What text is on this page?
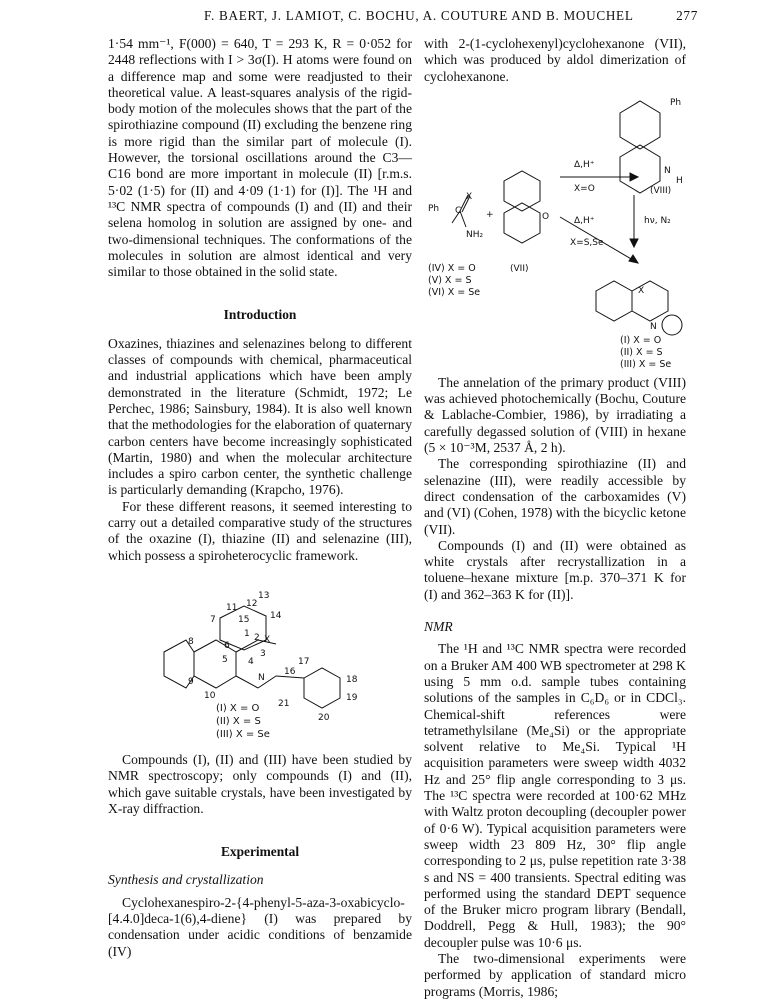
F. BAERT, J. LAMIOT, C. BOCHU, A. COUTURE AND B. MOUCHEL	277

1·54 mm⁻¹, F(000) = 640, T = 293 K, R = 0·052 for 2448 reflections with I > 3σ(I). H atoms were found on a difference map and some were readjusted to their theoretical value. A least-squares analysis of the rigid-body motion of the molecules shows that the part of the spirothiazine compound (II) excluding the benzene ring is more rigid than the similar part of molecule (I). However, the torsional oscillations around the C3—C16 bond are more important in molecule (II) [r.m.s. 5·02 (1·5) for (II) and 4·09 (1·1) for (I)]. The ¹H and ¹³C NMR spectra of compounds (I) and (II) and their selena homolog in solution are assigned by one- and two-dimensional techniques. The conformations of the molecules in solution are almost identical and very similar to those obtained in the solid state.

Introduction

Oxazines, thiazines and selenazines belong to different classes of compounds with chemical, pharmaceutical and industrial applications which have been amply demonstrated in the literature (Schmidt, 1972; Le Perchec, 1986; Sainsbury, 1984). It is also well known that the methodologies for the elaboration of quaternary carbon centers have become increasingly sophisticated (Martin, 1980) and when the molecular architecture includes a spiro carbon center, the synthetic challenge is particularly demanding (Krapcho, 1976).

For these different reasons, it seemed interesting to carry out a detailed comparative study of the structures of the oxazine (I), thiazine (II) and selenazine (III), which possess a spiroheterocyclic framework.

13
11 12
14
15
7
1 2 X
6
8
5 4
3
16
17
9
10
N	18
21
19
20
(I) X = O
(II) X = S
(III) X = Se

Compounds (I), (II) and (III) have been studied by NMR spectroscopy; only compounds (I) and (II), which gave suitable crystals, have been investigated by X-ray diffraction.

Experimental
Synthesis and crystallization

Cyclohexanespiro-2-{4-phenyl-5-aza-3-oxabicyclo-[4.4.0]deca-1(6),4-diene} (I) was prepared by condensation under acidic conditions of benzamide (IV)

with 2-(1-cyclohexenyl)cyclohexanone (VII), which was produced by aldol dimerization of cyclohexanone.

Ph
X
C
NH₂
+	O
Δ,H⁺
X=O
Δ,H⁺
X=S,Se
hν, N₂
(VIII)
N
H
Ph
(IV) X = O
(V) X = S
(VI) X = Se
(VII)
X
N
(I) X = O
(II) X = S
(III) X = Se

The annelation of the primary product (VIII) was achieved photochemically (Bochu, Couture & Lablache-Combier, 1986), by irradiating a carefully degassed solution of (VIII) in hexane (5 × 10⁻³M, 2537 Å, 2 h).

The corresponding spirothiazine (II) and selenazine (III), were readily accessible by direct condensation of the carboxamides (V) and (VI) (Cohen, 1978) with the bicyclic ketone (VII).

Compounds (I) and (II) were obtained as white crystals after recrystallization in a toluene–hexane mixture [m.p. 370–371 K for (I) and 362–363 K for (II)].

NMR

The ¹H and ¹³C NMR spectra were recorded on a Bruker AM 400 WB spectrometer at 298 K using 5 mm o.d. sample tubes containing solutions of the samples in C₆D₆ or in CDCl₃. Chemical-shift references were tetramethylsilane (Me₄Si) or the appropriate solvent relative to Me₄Si. Typical ¹H acquisition parameters were sweep width 4032 Hz and 25° flip angle corresponding to 3 μs. The ¹³C spectra were recorded at 100·62 MHz with Waltz proton decoupling (decoupler power of 0·6 W). Typical acquisition parameters were sweep width 23 809 Hz, 30° flip angle corresponding to 2 μs, pulse repetition rate 3·38 s and NS = 400 transients. Spectral editing was performed using the standard DEPT sequence of the Bruker micro program library (Bendall, Doddrell, Pegg & Hull, 1983); the 90° decoupler pulse was 10·6 μs.

The two-dimensional experiments were performed by application of standard micro programs (Morris, 1986;
